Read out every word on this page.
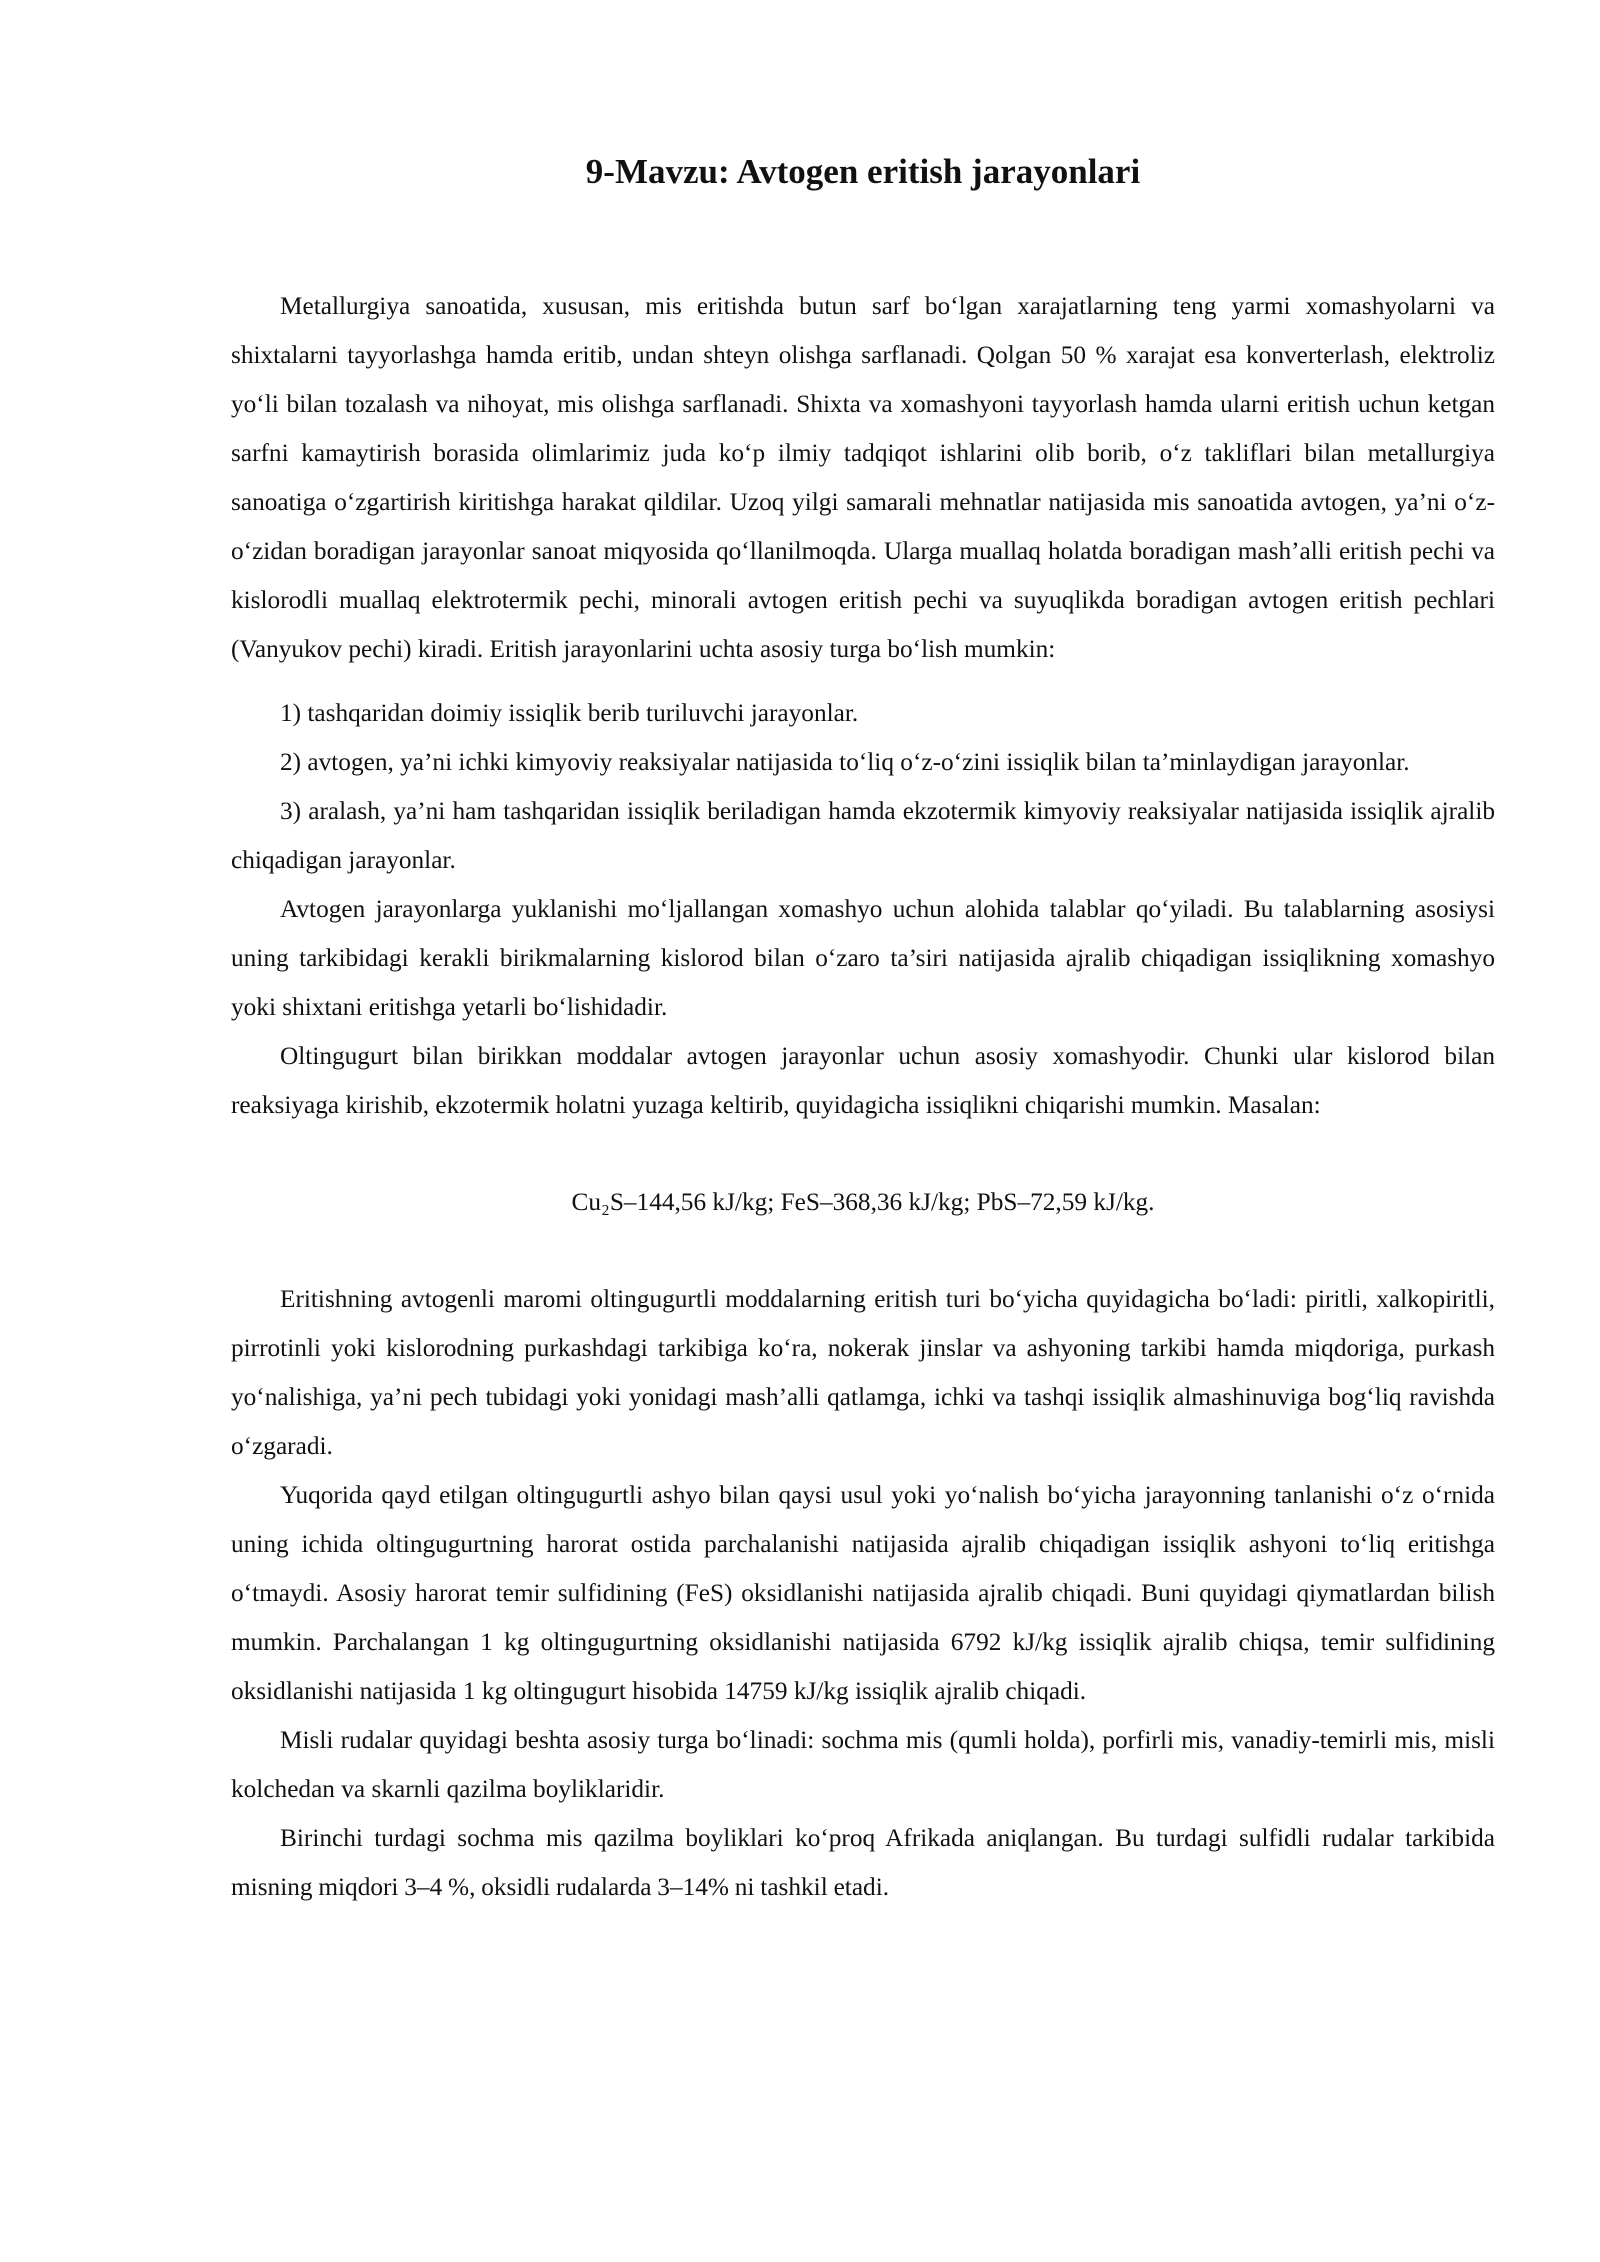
9-Mavzu: Avtogen eritish jarayonlari

Metallurgiya sanoatida, xususan, mis eritishda butun sarf bo‘lgan xarajatlarning teng yarmi xomashyolarni va shixtalarni tayyorlashga hamda eritib, undan shteyn olishga sarflanadi. Qolgan 50 % xarajat esa konverterlash, elektroliz yo‘li bilan tozalash va nihoyat, mis olishga sarflanadi. Shixta va xomashyoni tayyorlash hamda ularni eritish uchun ketgan sarfni kamaytirish borasida olimlarimiz juda ko‘p ilmiy tadqiqot ishlarini olib borib, o‘z takliflari bilan metallurgiya sanoatiga o‘zgartirish kiritishga harakat qildilar. Uzoq yilgi samarali mehnatlar natijasida mis sanoatida avtogen, ya’ni o‘z-o‘zidan boradigan jarayonlar sanoat miqyosida qo‘llanilmoqda. Ularga muallaq holatda boradigan mash’alli eritish pechi va kislorodli muallaq elektrotermik pechi, minorali avtogen eritish pechi va suyuqlikda boradigan avtogen eritish pechlari (Vanyukov pechi) kiradi. Eritish jarayonlarini uchta asosiy turga bo‘lish mumkin:

1) tashqaridan doimiy issiqlik berib turiluvchi jarayonlar.

2) avtogen, ya’ni ichki kimyoviy reaksiyalar natijasida to‘liq o‘z-o‘zini issiqlik bilan ta’minlaydigan jarayonlar.

3) aralash, ya’ni ham tashqaridan issiqlik beriladigan hamda ekzotermik kimyoviy reaksiyalar natijasida issiqlik ajralib chiqadigan jarayonlar.

Avtogen jarayonlarga yuklanishi mo‘ljallangan xomashyo uchun alohida talablar qo‘yiladi. Bu talablarning asosiysi uning tarkibidagi kerakli birikmalarning kislorod bilan o‘zaro ta’siri natijasida ajralib chiqadigan issiqlikning xomashyo yoki shixtani eritishga yetarli bo‘lishidadir.

Oltingugurt bilan birikkan moddalar avtogen jarayonlar uchun asosiy xomashyodir. Chunki ular kislorod bilan reaksiyaga kirishib, ekzotermik holatni yuzaga keltirib, quyidagicha issiqlikni chiqarishi mumkin. Masalan:

Cu₂S–144,56 kJ/kg; FeS–368,36 kJ/kg; PbS–72,59 kJ/kg.

Eritishning avtogenli maromi oltingugurtli moddalarning eritish turi bo‘yicha quyidagicha bo‘ladi: piritli, xalkopiritli, pirrotinli yoki kislorodning purkashdagi tarkibiga ko‘ra, nokerak jinslar va ashyoning tarkibi hamda miqdoriga, purkash yo‘nalishiga, ya’ni pech tubidagi yoki yonidagi mash’alli qatlamga, ichki va tashqi issiqlik almashinuviga bog‘liq ravishda o‘zgaradi.

Yuqorida qayd etilgan oltingugurtli ashyo bilan qaysi usul yoki yo‘nalish bo‘yicha jarayonning tanlanishi o‘z o‘rnida uning ichida oltingugurtning harorat ostida parchalanishi natijasida ajralib chiqadigan issiqlik ashyoni to‘liq eritishga o‘tmaydi. Asosiy harorat temir sulfidining (FeS) oksidlanishi natijasida ajralib chiqadi. Buni quyidagi qiymatlardan bilish mumkin. Parchalangan 1 kg oltingugurtning oksidlanishi natijasida 6792 kJ/kg issiqlik ajralib chiqsa, temir sulfidining oksidlanishi natijasida 1 kg oltingugurt hisobida 14759 kJ/kg issiqlik ajralib chiqadi.

Misli rudalar quyidagi beshta asosiy turga bo‘linadi: sochma mis (qumli holda), porfirli mis, vanadiy-temirli mis, misli kolchedan va skarnli qazilma boyliklaridir.

Birinchi turdagi sochma mis qazilma boyliklari ko‘proq Afrikada aniqlangan. Bu turdagi sulfidli rudalar tarkibida misning miqdori 3–4 %, oksidli rudalarda 3–14% ni tashkil etadi.
